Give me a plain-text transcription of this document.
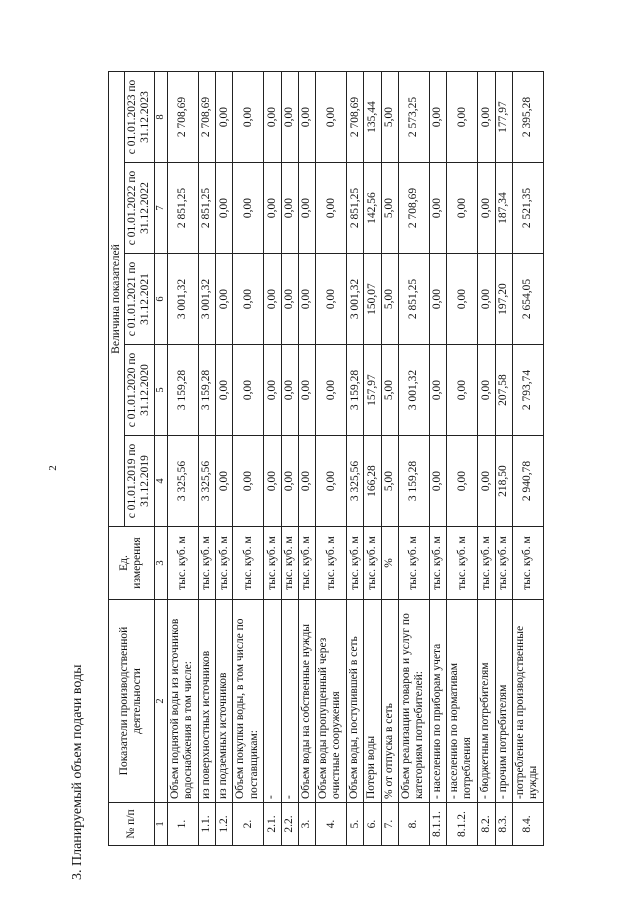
2
3. Планируемый объем подачи воды	№ п/п	Показатели производственной деятельности	Ед. измерения	Величина показателей				
			с 01.01.2019 по 31.12.2019	с 01.01.2020 по 31.12.2020	с 01.01.2021 по 31.12.2021	с 01.01.2022 по 31.12.2022	с 01.01.2023 по 31.12.2023
1	2	3	4	5	6	7	8
1.	Объем поднятой воды из источников водоснабжения в том числе:	тыс. куб. м	3 325,56	3 159,28	3 001,32	2 851,25	2 708,69
1.1.	из поверхностных источников	тыс. куб. м	3 325,56	3 159,28	3 001,32	2 851,25	2 708,69
1.2.	из подземных источников	тыс. куб. м	0,00	0,00	0,00	0,00	0,00
2.	Объем покупки воды, в том числе по поставщикам:	тыс. куб. м	0,00	0,00	0,00	0,00	0,00
2.1.	-	тыс. куб. м	0,00	0,00	0,00	0,00	0,00
2.2.	-	тыс. куб. м	0,00	0,00	0,00	0,00	0,00
3.	Объем воды на собственные нужды	тыс. куб. м	0,00	0,00	0,00	0,00	0,00
4.	Объем воды пропущенный через очистные сооружения	тыс. куб. м	0,00	0,00	0,00	0,00	0,00
5.	Объем воды, поступившей в сеть	тыс. куб. м	3 325,56	3 159,28	3 001,32	2 851,25	2 708,69
6.	Потери воды	тыс. куб. м	166,28	157,97	150,07	142,56	135,44
7.	% от отпуска в сеть	%	5,00	5,00	5,00	5,00	5,00
8.	Объем реализации товаров и услуг по категориям потребителей:	тыс. куб. м	3 159,28	3 001,32	2 851,25	2 708,69	2 573,25
8.1.1.	- населению по приборам учета	тыс. куб. м	0,00	0,00	0,00	0,00	0,00
8.1.2.	- населению по нормативам потребления	тыс. куб. м	0,00	0,00	0,00	0,00	0,00
8.2.	- бюджетным потребителям	тыс. куб. м	0,00	0,00	0,00	0,00	0,00
8.3.	- прочим потребителям	тыс. куб. м	218,50	207,58	197,20	187,34	177,97
8.4.	-потребление на производственные нужды	тыс. куб. м	2 940,78	2 793,74	2 654,05	2 521,35	2 395,28
